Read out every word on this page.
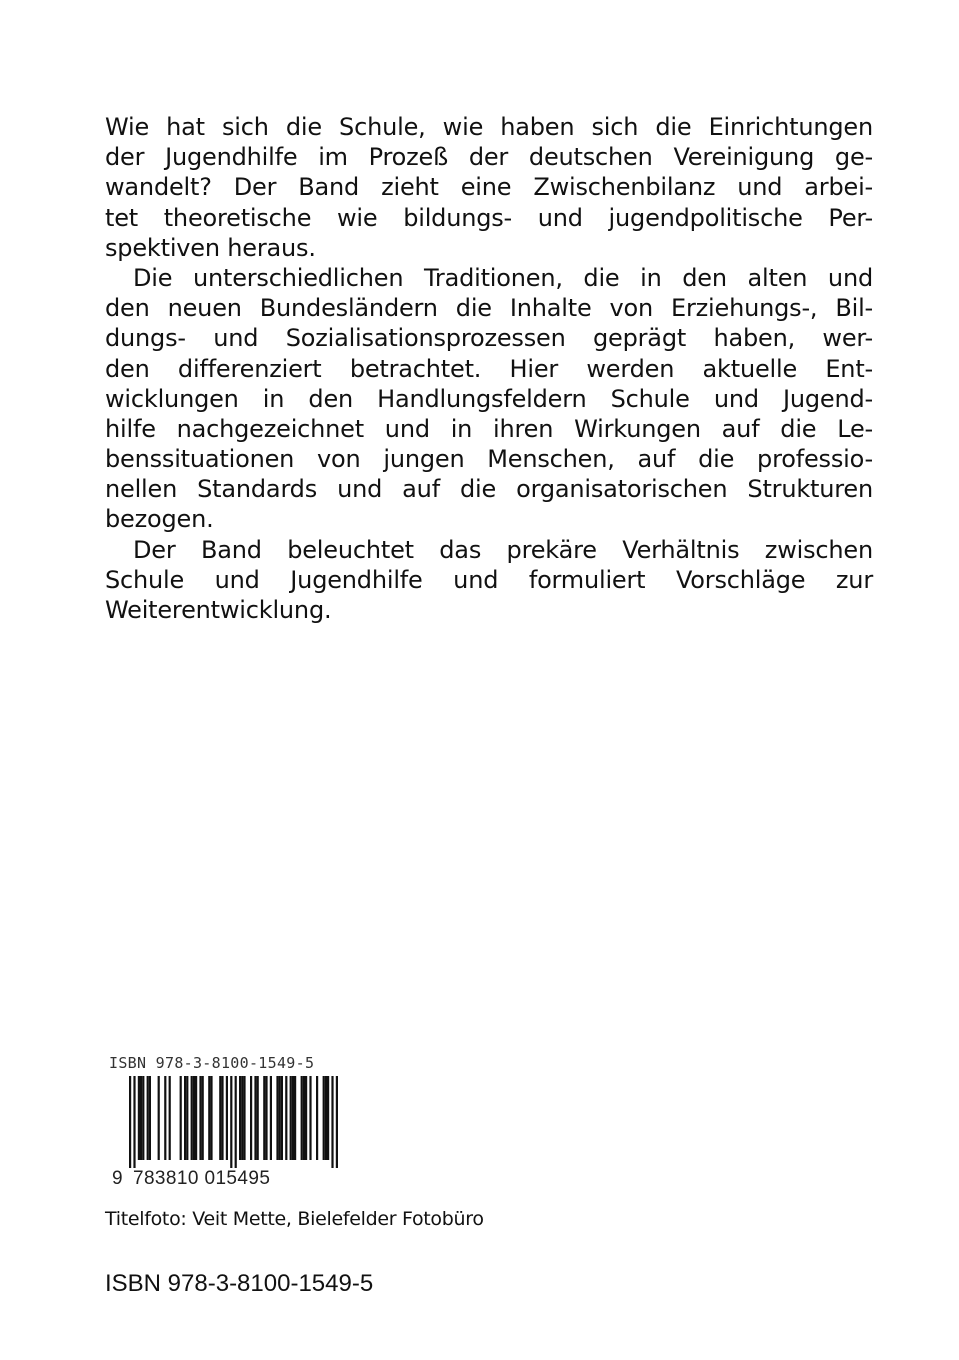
Wie hat sich die Schule, wie haben sich die Einrichtungen
der Jugendhilfe im Prozeß der deutschen Vereinigung ge-
wandelt? Der Band zieht eine Zwischenbilanz und arbei-
tet theoretische wie bildungs- und jugendpolitische Per-
spektiven heraus.
Die unterschiedlichen Traditionen, die in den alten und
den neuen Bundesländern die Inhalte von Erziehungs-, Bil-
dungs- und Sozialisationsprozessen geprägt haben, wer-
den differenziert betrachtet. Hier werden aktuelle Ent-
wicklungen in den Handlungsfeldern Schule und Jugend-
hilfe nachgezeichnet und in ihren Wirkungen auf die Le-
benssituationen von jungen Menschen, auf die professio-
nellen Standards und auf die organisatorischen Strukturen
bezogen.
Der Band beleuchtet das prekäre Verhältnis zwischen
Schule und Jugendhilfe und formuliert Vorschläge zur
Weiterentwicklung.
ISBN 978-3-8100-1549-5
9 783810 015495
Titelfoto: Veit Mette, Bielefelder Fotobüro
ISBN 978-3-8100-1549-5
